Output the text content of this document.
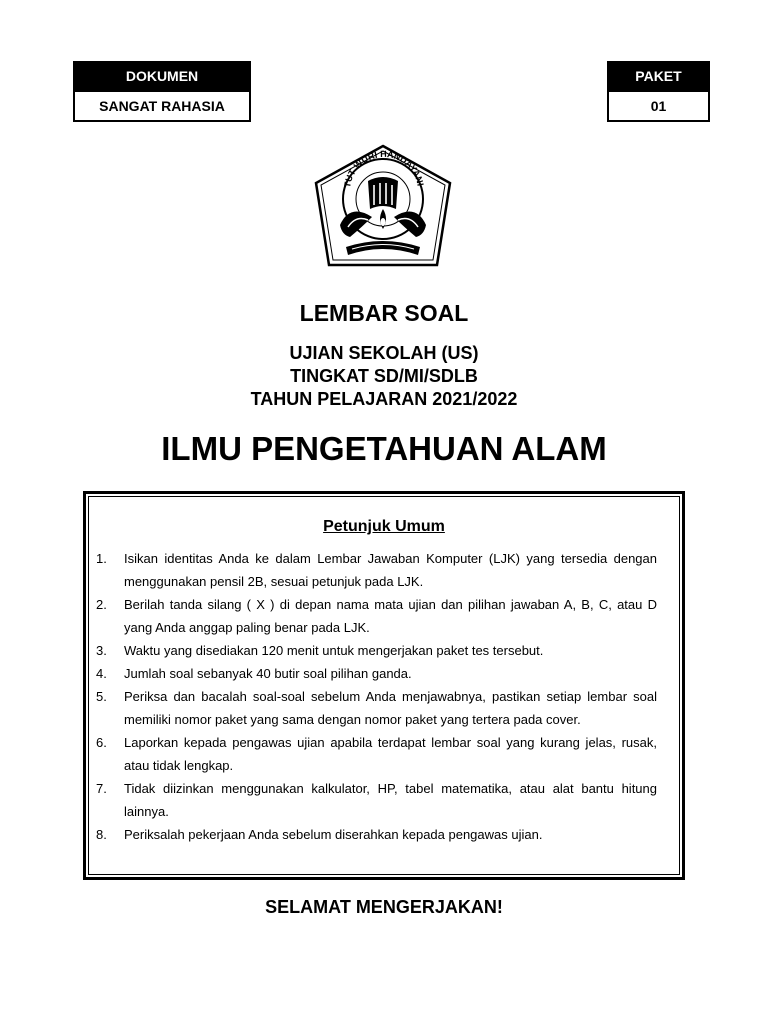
DOKUMEN
SANGAT RAHASIA
PAKET
01
TUT WURI HANDAYANI
LEMBAR SOAL
UJIAN SEKOLAH (US)
TINGKAT SD/MI/SDLB
TAHUN PELAJARAN 2021/2022
ILMU PENGETAHUAN ALAM
Petunjuk Umum
1. Isikan identitas Anda ke dalam Lembar Jawaban Komputer (LJK) yang tersedia dengan menggunakan pensil 2B, sesuai petunjuk pada LJK.
2. Berilah tanda silang ( X ) di depan nama mata ujian dan pilihan jawaban A, B, C, atau D yang Anda anggap paling benar pada LJK.
3. Waktu yang disediakan 120 menit untuk mengerjakan paket tes tersebut.
4. Jumlah soal sebanyak 40 butir soal pilihan ganda.
5. Periksa dan bacalah soal-soal sebelum Anda menjawabnya, pastikan setiap lembar soal memiliki nomor paket yang sama dengan nomor paket yang tertera pada cover.
6. Laporkan kepada pengawas ujian apabila terdapat lembar soal yang kurang jelas, rusak, atau tidak lengkap.
7. Tidak diizinkan menggunakan kalkulator, HP, tabel matematika, atau alat bantu hitung lainnya.
8. Periksalah pekerjaan Anda sebelum diserahkan kepada pengawas ujian.
SELAMAT MENGERJAKAN!
